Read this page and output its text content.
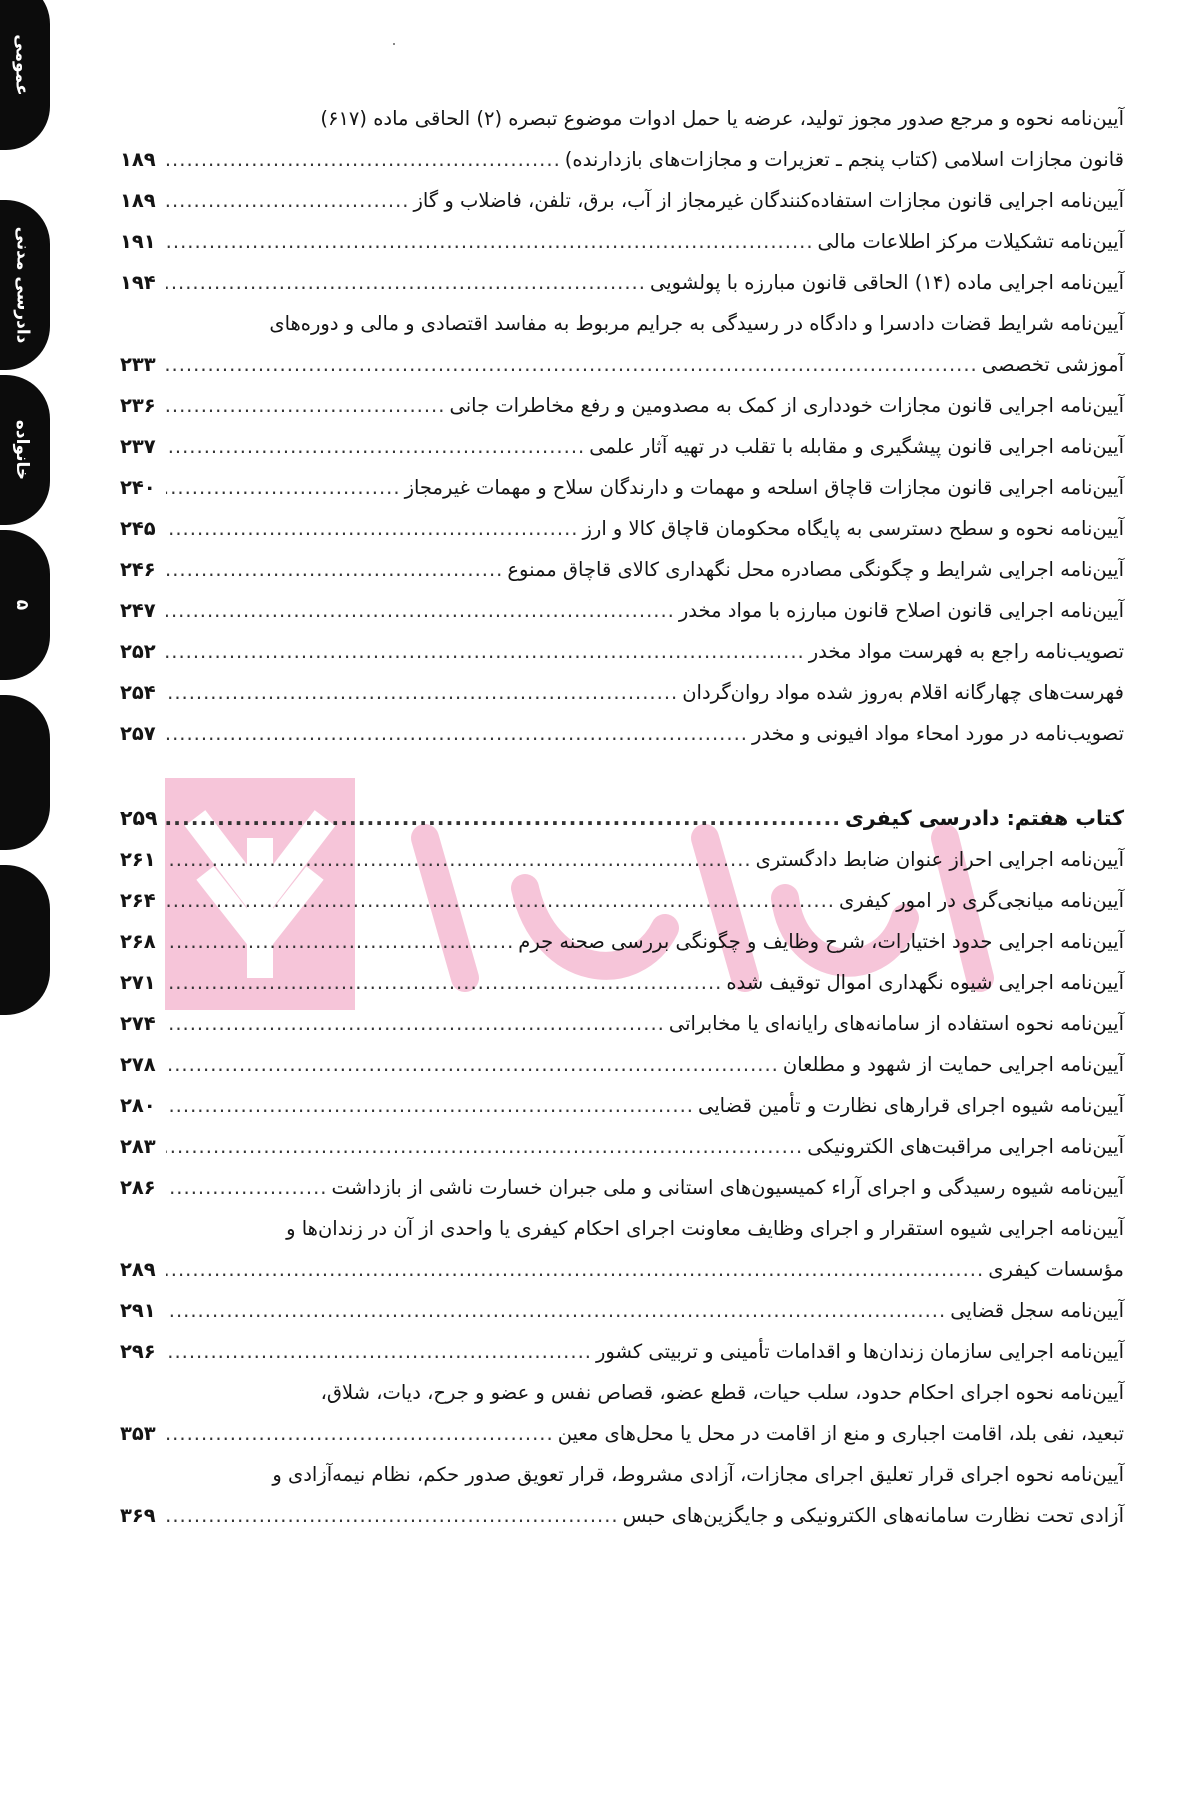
عمومی
دادرسی مدنی
خانواده
۵
آیین‌نامه نحوه و مرجع صدور مجوز تولید، عرضه یا حمل ادوات موضوع تبصره (۲) الحاقی ماده (۶۱۷)
قانون مجازات اسلامی (کتاب پنجم ـ تعزیرات و مجازات‌های بازدارنده)
.....
۱۸۹
آیین‌نامه اجرایی قانون مجازات استفاده‌کنندگان غیرمجاز از آب، برق، تلفن، فاضلاب و گاز
.....
۱۸۹
آیین‌نامه تشکیلات مرکز اطلاعات مالی
.....
۱۹۱
آیین‌نامه اجرایی ماده (۱۴) الحاقی قانون مبارزه با پولشویی
.....
۱۹۴
آیین‌نامه شرایط قضات دادسرا و دادگاه در رسیدگی به جرایم مربوط به مفاسد اقتصادی و مالی و دوره‌های
آموزشی تخصصی
.....
۲۳۳
آیین‌نامه اجرایی قانون مجازات خودداری از کمک به مصدومین و رفع مخاطرات جانی
.....
۲۳۶
آیین‌نامه اجرایی قانون پیشگیری و مقابله با تقلب در تهیه آثار علمی
.....
۲۳۷
آیین‌نامه اجرایی قانون مجازات قاچاق اسلحه و مهمات و دارندگان سلاح و مهمات غیرمجاز
.....
۲۴۰
آیین‌نامه نحوه و سطح دسترسی به پایگاه محکومان قاچاق کالا و ارز
.....
۲۴۵
آیین‌نامه اجرایی شرایط و چگونگی مصادره محل نگهداری کالای قاچاق ممنوع
.....
۲۴۶
آیین‌نامه اجرایی قانون اصلاح قانون مبارزه با مواد مخدر
.....
۲۴۷
تصویب‌نامه راجع به فهرست مواد مخدر
.....
۲۵۲
فهرست‌های چهارگانه اقلام به‌روز شده مواد روان‌گردان
.....
۲۵۴
تصویب‌نامه در مورد امحاء مواد افیونی و مخدر
.....
۲۵۷
کتاب هفتم: دادرسی کیفری
.....
۲۵۹
آیین‌نامه اجرایی احراز عنوان ضابط دادگستری
.....
۲۶۱
آیین‌نامه میانجی‌گری در امور کیفری
.....
۲۶۴
آیین‌نامه اجرایی حدود اختیارات، شرح وظایف و چگونگی بررسی صحنه جرم
.....
۲۶۸
آیین‌نامه اجرایی شیوه نگهداری اموال توقیف شده
.....
۲۷۱
آیین‌نامه نحوه استفاده از سامانه‌های رایانه‌ای یا مخابراتی
.....
۲۷۴
آیین‌نامه اجرایی حمایت از شهود و مطلعان
.....
۲۷۸
آیین‌نامه شیوه اجرای قرارهای نظارت و تأمین قضایی
.....
۲۸۰
آیین‌نامه اجرایی مراقبت‌های الکترونیکی
.....
۲۸۳
آیین‌نامه شیوه رسیدگی و اجرای آراء کمیسیون‌های استانی و ملی جبران خسارت ناشی از بازداشت
.....
۲۸۶
آیین‌نامه اجرایی شیوه استقرار و اجرای وظایف معاونت اجرای احکام کیفری یا واحدی از آن در زندان‌ها و
مؤسسات کیفری
.....
۲۸۹
آیین‌نامه سجل قضایی
.....
۲۹۱
آیین‌نامه اجرایی سازمان زندان‌ها و اقدامات تأمینی و تربیتی کشور
.....
۲۹۶
آیین‌نامه نحوه اجرای احکام حدود، سلب حیات، قطع عضو، قصاص نفس و عضو و جرح، دیات، شلاق،
تبعید، نفی بلد، اقامت اجباری و منع از اقامت در محل یا محل‌های معین
.....
۳۵۳
آیین‌نامه نحوه اجرای قرار تعلیق اجرای مجازات، آزادی مشروط، قرار تعویق صدور حکم، نظام نیمه‌آزادی و
آزادی تحت نظارت سامانه‌های الکترونیکی و جایگزین‌های حبس
.....
۳۶۹
